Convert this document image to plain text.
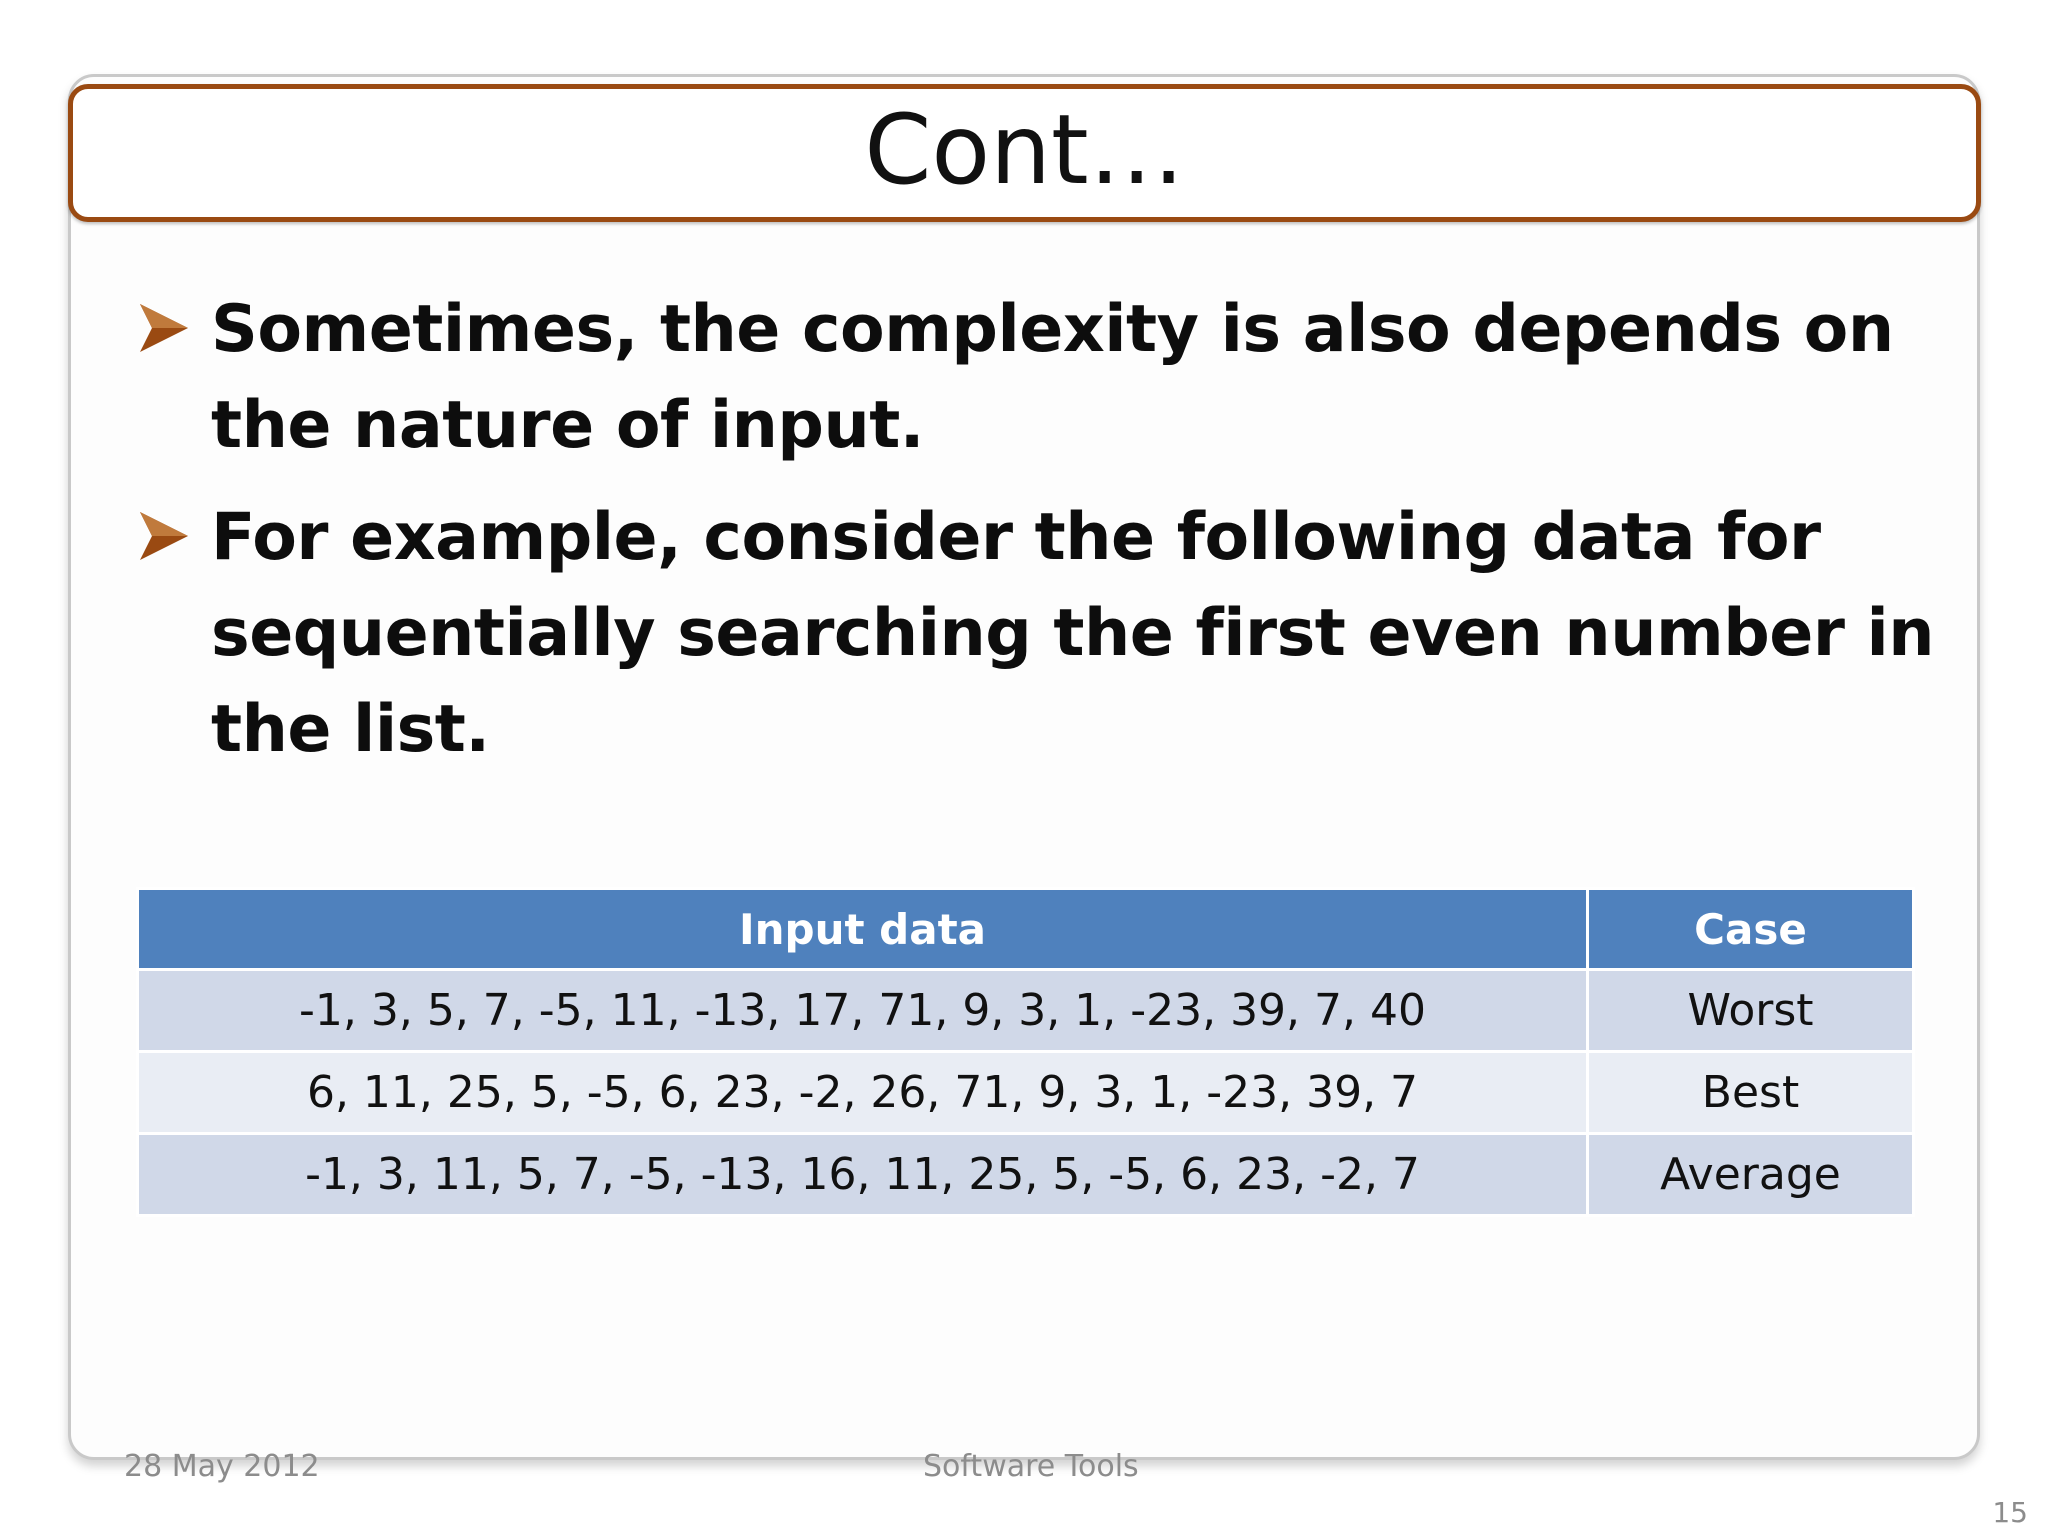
Cont…
Sometimes, the complexity is also depends on the nature of input.
For example, consider the following data for sequentially searching the first even number in the list.
Input data	Case
-1, 3, 5, 7, -5, 11, -13, 17, 71, 9, 3, 1, -23, 39, 7, 40	Worst
6, 11, 25, 5, -5, 6, 23, -2, 26, 71, 9, 3, 1, -23, 39, 7	Best
-1, 3, 11, 5, 7, -5, -13, 16, 11, 25, 5, -5, 6, 23, -2, 7	Average
28 May 2012	Software Tools
15
